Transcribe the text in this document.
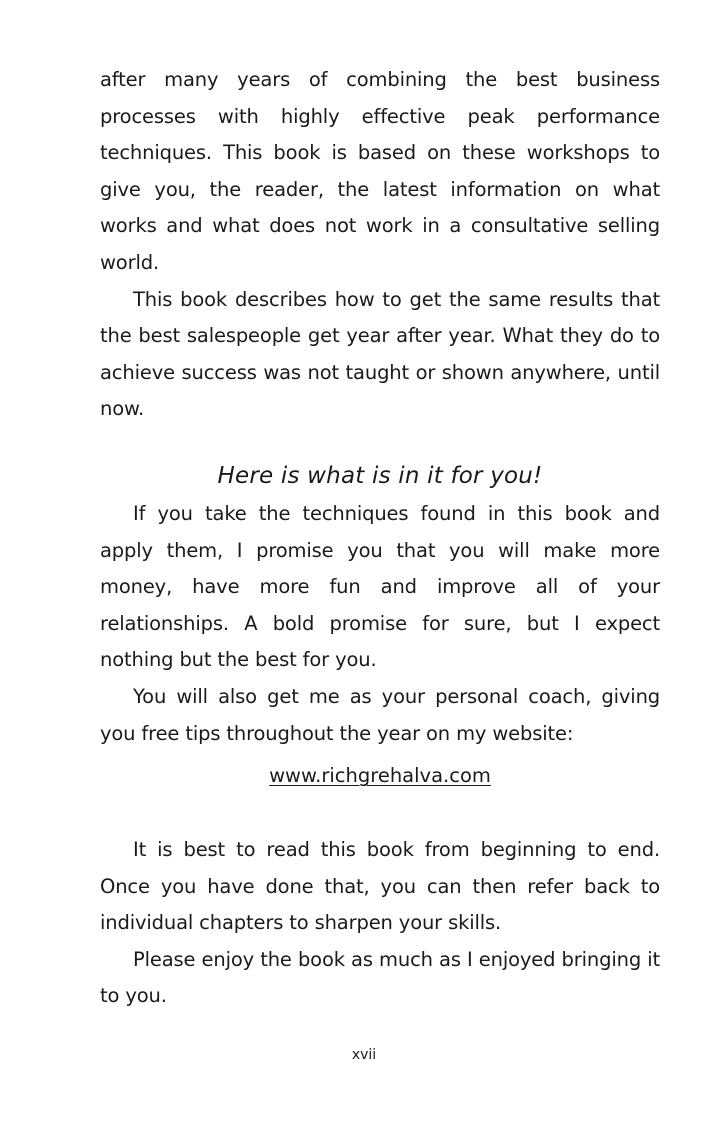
after many years of combining the best business processes with highly effective peak performance techniques. This book is based on these workshops to give you, the reader, the latest information on what works and what does not work in a consultative selling world.

This book describes how to get the same results that the best salespeople get year after year. What they do to achieve success was not taught or shown anywhere, until now.

Here is what is in it for you!

If you take the techniques found in this book and apply them, I promise you that you will make more money, have more fun and improve all of your relationships. A bold promise for sure, but I expect nothing but the best for you.

You will also get me as your personal coach, giving you free tips throughout the year on my website:

www.richgrehalva.com

It is best to read this book from beginning to end. Once you have done that, you can then refer back to individual chapters to sharpen your skills.

Please enjoy the book as much as I enjoyed bringing it to you.

xvii
